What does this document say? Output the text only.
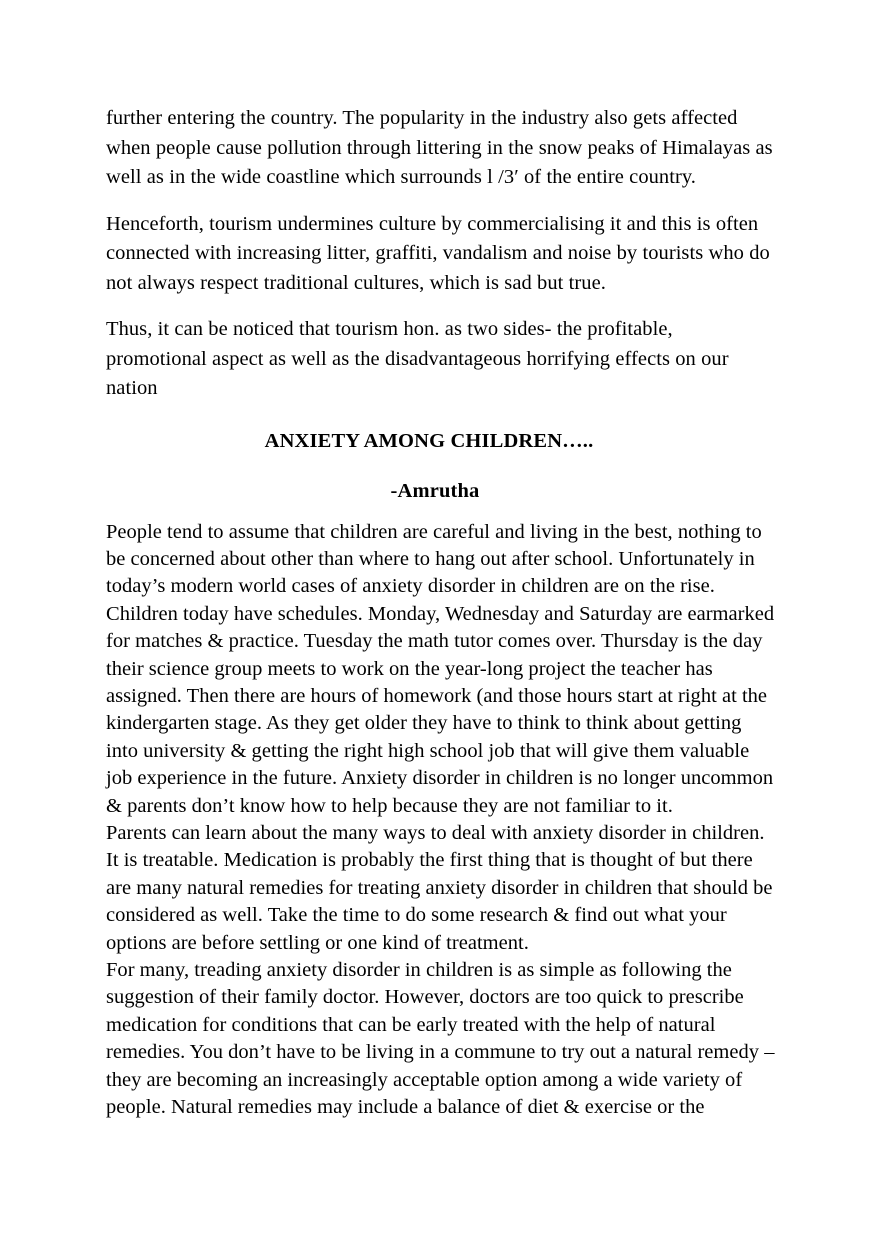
further entering the country. The popularity in the industry also gets affected when people cause pollution through littering in the snow peaks of Himalayas as well as in the wide coastline which surrounds l /3′ of the entire country.

Henceforth, tourism undermines culture by commercialising it and this is often connected with increasing litter, graffiti, vandalism and noise by tourists who do not always respect traditional cultures, which is sad but true.

Thus, it can be noticed that tourism hon. as two sides- the profitable, promotional aspect as well as the disadvantageous horrifying effects on our nation

ANXIETY AMONG CHILDREN…..

-Amrutha

People tend to assume that children are careful and living in the best, nothing to be concerned about other than where to hang out after school. Unfortunately in today’s modern world cases of anxiety disorder in children are on the rise.

Children today have schedules. Monday, Wednesday and Saturday are earmarked for matches & practice. Tuesday the math tutor comes over. Thursday is the day their science group meets to work on the year-long project the teacher has assigned. Then there are hours of homework (and those hours start at right at the kindergarten stage. As they get older they have to think to think about getting into university & getting the right high school job that will give them valuable job experience in the future. Anxiety disorder in children is no longer uncommon & parents don’t know how to help because they are not familiar to it.

Parents can learn about the many ways to deal with anxiety disorder in children. It is treatable. Medication is probably the first thing that is thought of but there are many natural remedies for treating anxiety disorder in children that should be considered as well. Take the time to do some research & find out what your options are before settling or one kind of treatment.

For many, treading anxiety disorder in children is as simple as following the suggestion of their family doctor. However, doctors are too quick to prescribe medication for conditions that can be early treated with the help of natural remedies. You don’t have to be living in a commune to try out a natural remedy – they are becoming an increasingly acceptable option among a wide variety of people. Natural remedies may include a balance of diet & exercise or the
